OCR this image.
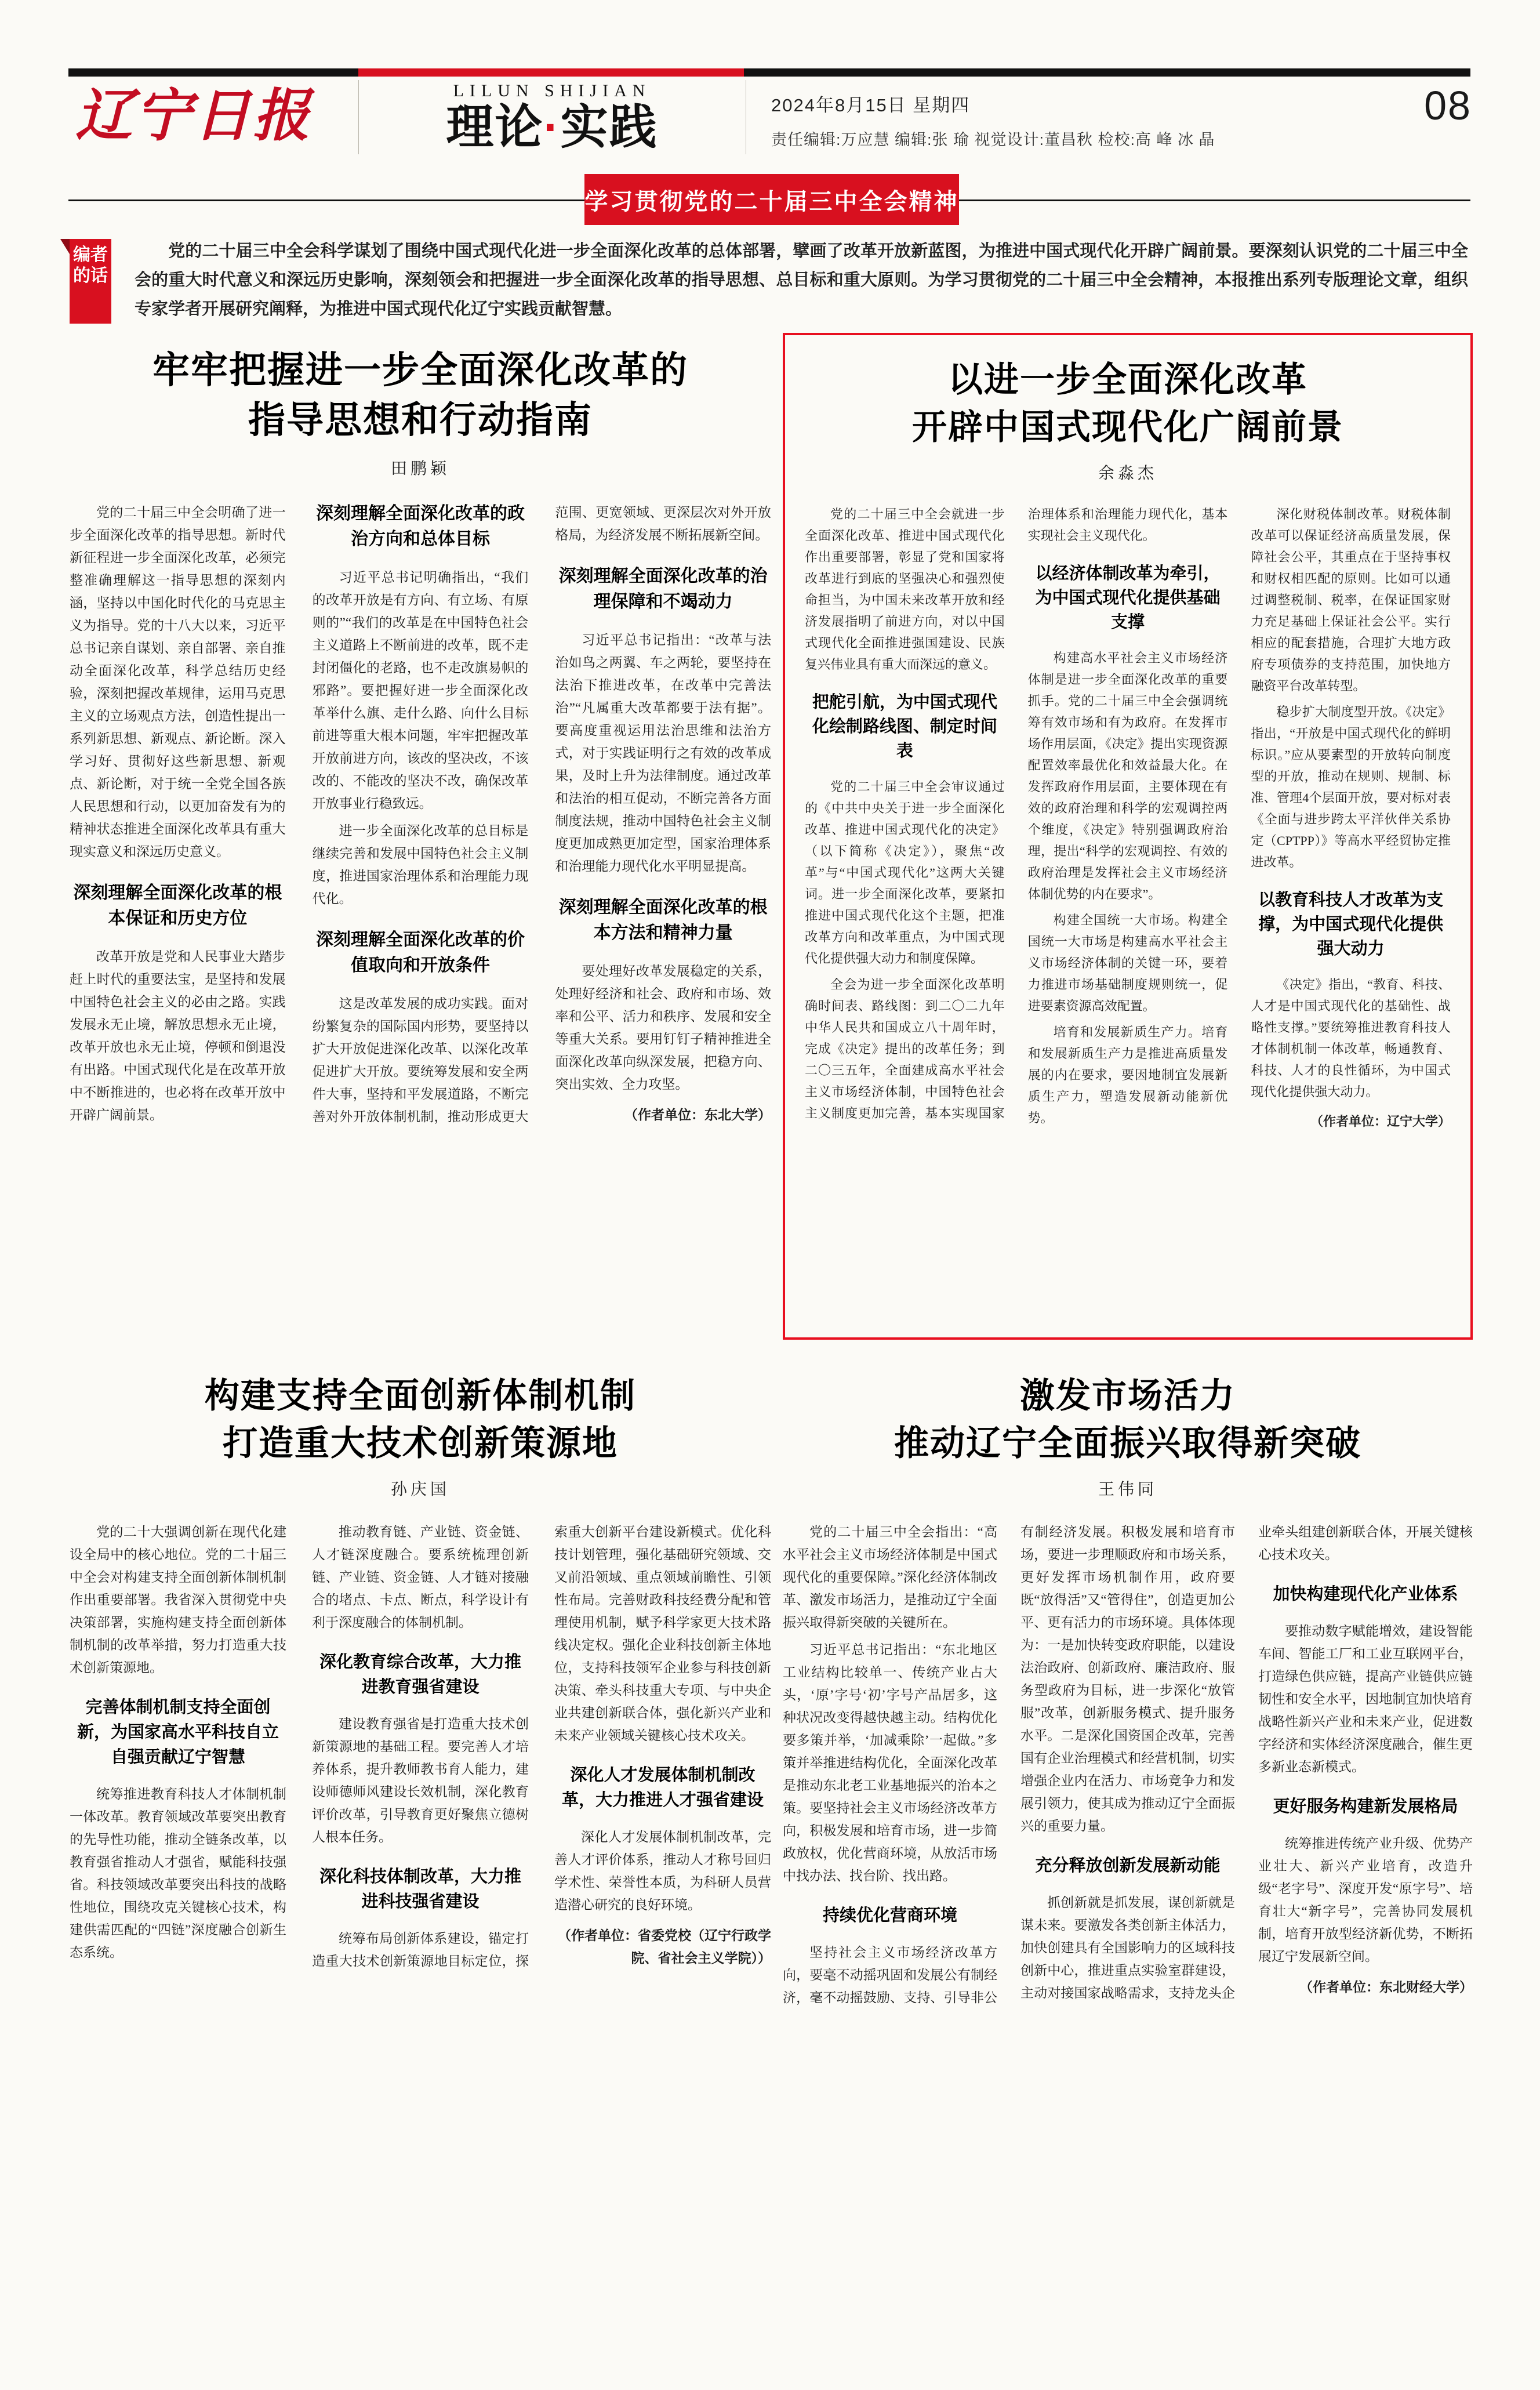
辽宁日报	LILUN SHIJIAN
理论·实践	2024年8月15日 星期四
责任编辑:万应慧 编辑:张 瑜 视觉设计:董昌秋 检校:高 峰 冰 晶
08
学习贯彻党的二十届三中全会精神
编者
的话
党的二十届三中全会科学谋划了围绕中国式现代化进一步全面深化改革的总体部署，擘画了改革开放新蓝图，为推进中国式现代化开辟广阔前景。要深刻认识党的二十届三中全会的重大时代意义和深远历史影响，深刻领会和把握进一步全面深化改革的指导思想、总目标和重大原则。为学习贯彻党的二十届三中全会精神，本报推出系列专版理论文章，组织专家学者开展研究阐释，为推进中国式现代化辽宁实践贡献智慧。
牢牢把握进一步全面深化改革的
指导思想和行动指南
田鹏颖
党的二十届三中全会明确了进一步全面深化改革的指导思想。新时代新征程进一步全面深化改革，必须完整准确理解这一指导思想的深刻内涵，坚持以中国化时代化的马克思主义为指导。党的十八大以来，习近平总书记亲自谋划、亲自部署、亲自推动全面深化改革，科学总结历史经验，深刻把握改革规律，运用马克思主义的立场观点方法，创造性提出一系列新思想、新观点、新论断。深入学习好、贯彻好这些新思想、新观点、新论断，对于统一全党全国各族人民思想和行动，以更加奋发有为的精神状态推进全面深化改革具有重大现实意义和深远历史意义。
深刻理解全面深化改革的根本保证和历史方位
改革开放是党和人民事业大踏步赶上时代的重要法宝，是坚持和发展中国特色社会主义的必由之路。实践发展永无止境，解放思想永无止境，改革开放也永无止境，停顿和倒退没有出路。中国式现代化是在改革开放中不断推进的，也必将在改革开放中开辟广阔前景。
深刻理解全面深化改革的政治方向和总体目标
习近平总书记明确指出，“我们的改革开放是有方向、有立场、有原则的”“我们的改革是在中国特色社会主义道路上不断前进的改革，既不走封闭僵化的老路，也不走改旗易帜的邪路”。要把握好进一步全面深化改革举什么旗、走什么路、向什么目标前进等重大根本问题，牢牢把握改革开放前进方向，该改的坚决改，不该改的、不能改的坚决不改，确保改革开放事业行稳致远。
进一步全面深化改革的总目标是继续完善和发展中国特色社会主义制度，推进国家治理体系和治理能力现代化。
深刻理解全面深化改革的价值取向和开放条件
这是改革发展的成功实践。面对纷繁复杂的国际国内形势，要坚持以扩大开放促进深化改革、以深化改革促进扩大开放。要统筹发展和安全两件大事，坚持和平发展道路，不断完善对外开放体制机制，推动形成更大范围、更宽领域、更深层次对外开放格局，为经济发展不断拓展新空间。
深刻理解全面深化改革的治理保障和不竭动力
习近平总书记指出：“改革与法治如鸟之两翼、车之两轮，要坚持在法治下推进改革，在改革中完善法治”“凡属重大改革都要于法有据”。要高度重视运用法治思维和法治方式，对于实践证明行之有效的改革成果，及时上升为法律制度。通过改革和法治的相互促动，不断完善各方面制度法规，推动中国特色社会主义制度更加成熟更加定型，国家治理体系和治理能力现代化水平明显提高。
深刻理解全面深化改革的根本方法和精神力量
要处理好改革发展稳定的关系，处理好经济和社会、政府和市场、效率和公平、活力和秩序、发展和安全等重大关系。要用钉钉子精神推进全面深化改革向纵深发展，把稳方向、突出实效、全力攻坚。
（作者单位：东北大学）
以进一步全面深化改革
开辟中国式现代化广阔前景
余淼杰
党的二十届三中全会就进一步全面深化改革、推进中国式现代化作出重要部署，彰显了党和国家将改革进行到底的坚强决心和强烈使命担当，为中国未来改革开放和经济发展指明了前进方向，对以中国式现代化全面推进强国建设、民族复兴伟业具有重大而深远的意义。
把舵引航，为中国式现代化绘制路线图、制定时间表
党的二十届三中全会审议通过的《中共中央关于进一步全面深化改革、推进中国式现代化的决定》（以下简称《决定》），聚焦“改革”与“中国式现代化”这两大关键词。进一步全面深化改革，要紧扣推进中国式现代化这个主题，把准改革方向和改革重点，为中国式现代化提供强大动力和制度保障。
全会为进一步全面深化改革明确时间表、路线图：到二〇二九年中华人民共和国成立八十周年时，完成《决定》提出的改革任务；到二〇三五年，全面建成高水平社会主义市场经济体制，中国特色社会主义制度更加完善，基本实现国家治理体系和治理能力现代化，基本实现社会主义现代化。
以经济体制改革为牵引，为中国式现代化提供基础支撑
构建高水平社会主义市场经济体制是进一步全面深化改革的重要抓手。党的二十届三中全会强调统筹有效市场和有为政府。在发挥市场作用层面，《决定》提出实现资源配置效率最优化和效益最大化。在发挥政府作用层面，主要体现在有效的政府治理和科学的宏观调控两个维度，《决定》特别强调政府治理，提出“科学的宏观调控、有效的政府治理是发挥社会主义市场经济体制优势的内在要求”。
构建全国统一大市场。构建全国统一大市场是构建高水平社会主义市场经济体制的关键一环，要着力推进市场基础制度规则统一，促进要素资源高效配置。
培育和发展新质生产力。培育和发展新质生产力是推进高质量发展的内在要求，要因地制宜发展新质生产力，塑造发展新动能新优势。
深化财税体制改革。财税体制改革可以保证经济高质量发展，保障社会公平，其重点在于坚持事权和财权相匹配的原则。比如可以通过调整税制、税率，在保证国家财力充足基础上保证社会公平。实行相应的配套措施，合理扩大地方政府专项债券的支持范围，加快地方融资平台改革转型。
稳步扩大制度型开放。《决定》指出，“开放是中国式现代化的鲜明标识。”应从要素型的开放转向制度型的开放，推动在规则、规制、标准、管理4个层面开放，要对标对表《全面与进步跨太平洋伙伴关系协定（CPTPP）》等高水平经贸协定推进改革。
以教育科技人才改革为支撑，为中国式现代化提供强大动力
《决定》指出，“教育、科技、人才是中国式现代化的基础性、战略性支撑。”要统筹推进教育科技人才体制机制一体改革，畅通教育、科技、人才的良性循环，为中国式现代化提供强大动力。
（作者单位：辽宁大学）
构建支持全面创新体制机制
打造重大技术创新策源地
孙庆国
党的二十大强调创新在现代化建设全局中的核心地位。党的二十届三中全会对构建支持全面创新体制机制作出重要部署。我省深入贯彻党中央决策部署，实施构建支持全面创新体制机制的改革举措，努力打造重大技术创新策源地。
完善体制机制支持全面创新，为国家高水平科技自立自强贡献辽宁智慧
统筹推进教育科技人才体制机制一体改革。教育领域改革要突出教育的先导性功能，推动全链条改革，以教育强省推动人才强省，赋能科技强省。科技领域改革要突出科技的战略性地位，围绕攻克关键核心技术，构建供需匹配的“四链”深度融合创新生态系统。
推动教育链、产业链、资金链、人才链深度融合。要系统梳理创新链、产业链、资金链、人才链对接融合的堵点、卡点、断点，科学设计有利于深度融合的体制机制。
深化教育综合改革，大力推进教育强省建设
建设教育强省是打造重大技术创新策源地的基础工程。要完善人才培养体系，提升教师教书育人能力，建设师德师风建设长效机制，深化教育评价改革，引导教育更好聚焦立德树人根本任务。
深化科技体制改革，大力推进科技强省建设
统筹布局创新体系建设，锚定打造重大技术创新策源地目标定位，探索重大创新平台建设新模式。优化科技计划管理，强化基础研究领域、交叉前沿领域、重点领域前瞻性、引领性布局。完善财政科技经费分配和管理使用机制，赋予科学家更大技术路线决定权。强化企业科技创新主体地位，支持科技领军企业参与科技创新决策、牵头科技重大专项、与中央企业共建创新联合体，强化新兴产业和未来产业领域关键核心技术攻关。
深化人才发展体制机制改革，大力推进人才强省建设
深化人才发展体制机制改革，完善人才评价体系，推动人才称号回归学术性、荣誉性本质，为科研人员营造潜心研究的良好环境。
（作者单位：省委党校（辽宁行政学院、省社会主义学院））
激发市场活力
推动辽宁全面振兴取得新突破
王伟同
党的二十届三中全会指出：“高水平社会主义市场经济体制是中国式现代化的重要保障。”深化经济体制改革、激发市场活力，是推动辽宁全面振兴取得新突破的关键所在。
习近平总书记指出：“东北地区工业结构比较单一、传统产业占大头，‘原’字号‘初’字号产品居多，这种状况改变得越快越主动。结构优化要多策并举，‘加减乘除’一起做。”多策并举推进结构优化，全面深化改革是推动东北老工业基地振兴的治本之策。要坚持社会主义市场经济改革方向，积极发展和培育市场，进一步简政放权，优化营商环境，从放活市场中找办法、找台阶、找出路。
持续优化营商环境
坚持社会主义市场经济改革方向，要毫不动摇巩固和发展公有制经济，毫不动摇鼓励、支持、引导非公有制经济发展。积极发展和培育市场，要进一步理顺政府和市场关系，更好发挥市场机制作用，政府要既“放得活”又“管得住”，创造更加公平、更有活力的市场环境。具体体现为：一是加快转变政府职能，以建设法治政府、创新政府、廉洁政府、服务型政府为目标，进一步深化“放管服”改革，创新服务模式、提升服务水平。二是深化国资国企改革，完善国有企业治理模式和经营机制，切实增强企业内在活力、市场竞争力和发展引领力，使其成为推动辽宁全面振兴的重要力量。
充分释放创新发展新动能
抓创新就是抓发展，谋创新就是谋未来。要激发各类创新主体活力，加快创建具有全国影响力的区域科技创新中心，推进重点实验室群建设，主动对接国家战略需求，支持龙头企业牵头组建创新联合体，开展关键核心技术攻关。
加快构建现代化产业体系
要推动数字赋能增效，建设智能车间、智能工厂和工业互联网平台，打造绿色供应链，提高产业链供应链韧性和安全水平，因地制宜加快培育战略性新兴产业和未来产业，促进数字经济和实体经济深度融合，催生更多新业态新模式。
更好服务构建新发展格局
统筹推进传统产业升级、优势产业壮大、新兴产业培育，改造升级“老字号”、深度开发“原字号”、培育壮大“新字号”，完善协同发展机制，培育开放型经济新优势，不断拓展辽宁发展新空间。
（作者单位：东北财经大学）
